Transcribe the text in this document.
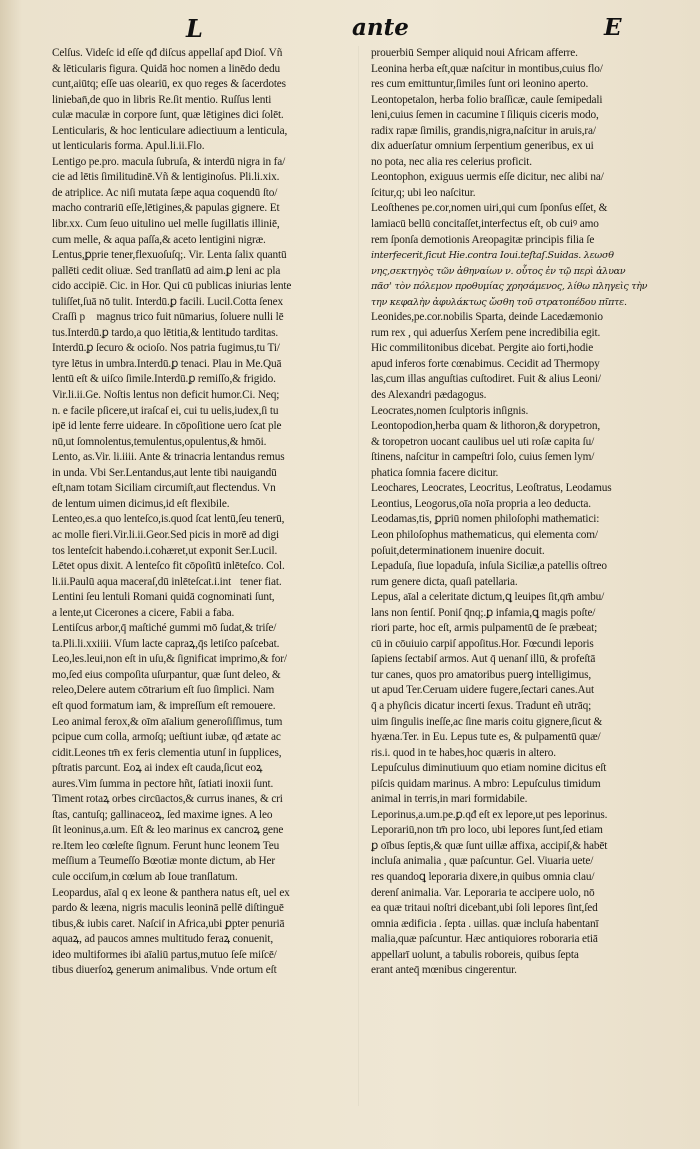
L	ante	E
Celſus. Videſc id eſſe qđ diſcus appellaſ apđ Dioſ. Vñ
& lēticularis figura. Quidā hoc nomen a linēdo dedu
cunt,aiūtq; eſſe uas oleariū, ex quo reges & ſacerdotes
linieban̄,de quo in libris Re.ſit mentio. Ruſſus lenti
culæ maculæ in corpore ſunt, quæ lētigines dici ſolēt.
Lenticularis, & hoc lenticulare adiectiuum a lenticula,
ut lenticularis forma. Apul.li.ii.Flo.
Lentigo pe.pro. macula ſubruſa, & interdū nigra in fa/
cie ad lētis ſimilitudinē.Vñ & lentiginoſus. Pli.li.xix.
de atriplice. Ac niſi mutata ſæpe aqua coquendū ſto/
macho contrariū eſſe,lētigines,& papulas gignere. Et
libr.xx. Cum ſeuo uitulino uel melle ſugillatis illiniē,
cum melle, & aqua paſſa,& aceto lentigini nigræ.
Lentus,ꝑprie tener,flexuoſuſq;. Vir. Lenta ſalix quantū
pallēti cedit oliuæ. Sed tranſlatū ad aim.ꝑ leni ac pla
cido accipiē. Cic. in Hor. Qui cū publicas iniurias lente
tuliſſet,ſuā nō tulit. Interdū.ꝑ facili. Lucil.Cotta ſenex
Craſſi pᷓ magnus trico fuit nūmarius, ſoluere nulli lē
tus.Interdū.ꝑ tardo,a quo lētitia,& lentitudo tarditas.
Interdū.ꝑ ſecuro & ocioſo. Nos patria fugimus,tu Ti/
tyre lētus in umbra.Interdū.ꝑ tenaci. Plau in Me.Quā
lentū eſt & uiſco ſimile.Interdū.ꝑ remiſſo,& frigido.
Vir.li.ii.Ge. Noſtis lentus non deficit humor.Ci. Neq;
n. e facile pſicere,ut iraſcaſ ei, cui tu uelis,iudex,ſi tu
ipē id lente ferre uideare. In cōpoſitione uero ſcat ple
nū,ut ſomnolentus,temulentus,opulentus,& hmōi.
Lento, as.Vir. li.iiii. Ante & trinacria lentandus remus
in unda. Vbi Ser.Lentandus,aut lente tibi nauigandū
eſt,nam totam Siciliam circumiſt,aut flectendus. Vn
de lentum uimen dicimus,id eſt flexibile.
Lenteo,es.a quo lenteſco,is.quod ſcat lentū,ſeu tenerū,
ac molle fieri.Vir.li.ii.Geor.Sed picis in morē ad digi
tos lenteſcit habendo.i.cohæret,ut exponit Ser.Lucil.
Lētet opus dixit. A lenteſco fit cōpoſitū inlēteſco. Col.
li.ii.Paulū aqua maceraſ,dū inlēteſcat.i.intᷓtener fiat.
Lentini ſeu lentuli Romani quidā cognominati ſunt,
a lente,ut Cicerones a cicere, Fabii a faba.
Lentiſcus arbor,q̄ maſtiché gummi mō ſudat,& triſe/
ta.Pli.li.xxiiii. Vſum lacte capraꝝ,q̄s letiſco paſcebat.
Leo,les.leui,non eſt in uſu,& ſignificat imprimo,& for/
mo,ſed eius compoſita uſurpantur, quæ ſunt deleo, &
releo,Delere autem cōtrarium eſt ſuo ſimplici. Nam
eſt quod formatum iam, & impreſſum eſt remouere.
Leo animal ferox,& oīm aīalium generoſiſſimus, tum
pcipue cum colla, armoſq; ueſtiunt iubæ, qđ ætate ac
cidit.Leones tm̄ ex feris clementia utunſ in ſupplices,
pſtratis parcunt. Eoꝝ ai index eſt cauda,ſicut eoꝝ
aures.Vim ſumma in pectore hñt, ſatiati inoxii ſunt.
Timent rotaꝝ orbes circūactos,& currus inanes, & cri
ſtas, cantuſq; gallinaceoꝝ, ſed maxime ignes. A leo
ſit leoninus,a.um. Eſt & leo marinus ex cancroꝝ gene
re.Item leo cœleſte ſignum. Ferunt hunc leonem Teu
meſſium a Teumeſſo Bœotiæ monte dictum, ab Her
cule occiſum,in cœlum ab Ioue tranſlatum.
Leopardus, aīal q ex leone & panthera natus eſt, uel ex
pardo & leæna, nigris maculis leoninā pellē diſtinguē
tibus,& iubis caret. Naſciſ in Africa,ubi ꝑpter penuriā
aquaꝝ, ad paucos amnes multitudo feraꝝ conuenit,
ideo multiformes ibi aīaliū partus,mutuo ſeſe miſcē/
tibus diuerſoꝝ generum animalibus. Vnde ortum eſt
prouerbiū Semper aliquid noui Africam afferre.
Leonina herba eſt,quæ naſcitur in montibus,cuius flo/
res cum emittuntur,ſimiles ſunt ori leonino aperto.
Leontopetalon, herba folio braſſicæ, caule ſemipedali
leni,cuius ſemen in cacumine ī ſiliquis ciceris modo,
radix rapæ ſimilis, grandis,nigra,naſcitur in aruis,ra/
dix aduerſatur omnium ſerpentium generibus, ex ui
no pota, nec alia res celerius proficit.
Leontophon, exiguus uermis eſſe dicitur, nec alibi na/
ſcitur,q; ubi leo naſcitur.
Leoſthenes pe.cor,nomen uiri,qui cum ſponſus eſſet, &
lamiacū bellū concitaſſet,interfectus eſt, ob cuiꝰ amo
rem ſponſa demotionis Areopagitæ principis filia ſe
interfecerit,ſicut Hie.contra Ioui.teſtaſ.Suidas. λεωσθ
νης,σεκτηγὸς τῶν ἀθηναίων ν. οὗτος ἐν τῷ περὶ ἀλυαν
πᾶσ' τὸν πόλεμον προθυμίας χρησάμενος, λίθω πληγεὶς τὴν
την κεφαλὴν ἀφυλάκτως ὤσθη τοῦ στρατοπέδου πῖπτε.
Leonides,pe.cor.nobilis Sparta, deinde Lacedæmonio
rum rex , qui aduerſus Xerſem pene incredibilia egit.
Hic commilitonibus dicebat. Pergite aio forti,hodie
apud inferos forte cœnabimus. Cecidit ad Thermopy
las,cum illas anguſtias cuſtodiret. Fuit & alius Leoni/
des Alexandri pædagogus.
Leocrates,nomen ſculptoris inſignis.
Leontopodion,herba quam & lithoron,& dorypetron,
& toropetron uocant caulibus uel uti roſæ capita ſu/
ſtinens, naſcitur in campeſtri ſolo, cuius ſemen lym/
phatica ſomnia facere dicitur.
Leochares, Leocrates, Leocritus, Leoſtratus, Leodamus
Leontius, Leogorus,oīa noīa propria a leo deducta.
Leodamas,tis, ꝑpriū nomen philoſophi mathematici:
Leon philoſophus mathematicus, qui elementa com/
poſuit,determinationem inuenire docuit.
Lepaduſa, ſiue lopaduſa, inſula Siciliæ,a patellis oſtreo
rum genere dicta, quaſi patellaria.
Lepus, aīal a celeritate dictum,ꝗ leuipes ſit,qm̄ ambu/
lans non ſentiſ. Poniſ q̄nq;.ꝑ infamia,ꝗ magis poſte/
riori parte, hoc eſt, armis pulpamentū de ſe præbeat;
cū in cōuiuio carpiſ appoſitus.Hor. Fœcundi leporis
ſapiens ſectabiſ armos. Aut q̄ uenanſ illū, & profeſtā
tur canes, quos pro amatoribus puerꝯ intelligimus,
ut apud Ter.Ceruam uidere fugere,ſectari canes.Aut
q̄ a phyſicis dicatur incerti ſexus. Tradunt eñ utrāq;
uim ſingulis ineſſe,ac ſine maris coitu gignere,ſicut &
hyæna.Ter. in Eu. Lepus tute es, & pulpamentū quæ/
ris.i. quod in te habes,hoc quæris in altero.
Lepuſculus diminutiuum quo etiam nomine dicitus eſt
piſcis quidam marinus. A mbro: Lepuſculus timidum
animal in terris,in mari formidabile.
Leporinus,a.um.pe.ꝑ.qđ eſt ex lepore,ut pes leporinus.
Leporariū,non tm̄ pro loco, ubi lepores ſunt,ſed etiam
ꝑ oībus ſeptis,& quæ ſunt uillæ affixa, accipiſ,& habēt
incluſa animalia , quæ paſcuntur. Gel. Viuaria uete/
res quandoꝗ leporaria dixere,in quibus omnia clau/
derenſ animalia. Var. Leporaria te accipere uolo, nō
ea quæ tritaui noſtri dicebant,ubi ſoli lepores ſint,ſed
omnia ædificia . ſepta . uillas. quæ incluſa habentanī
malia,quæ paſcuntur. Hæc antiquiores roboraria etiā
appellarī uolunt, a tabulis roboreis, quibus ſepta
erant anteq̄ mœnibus cingerentur.
